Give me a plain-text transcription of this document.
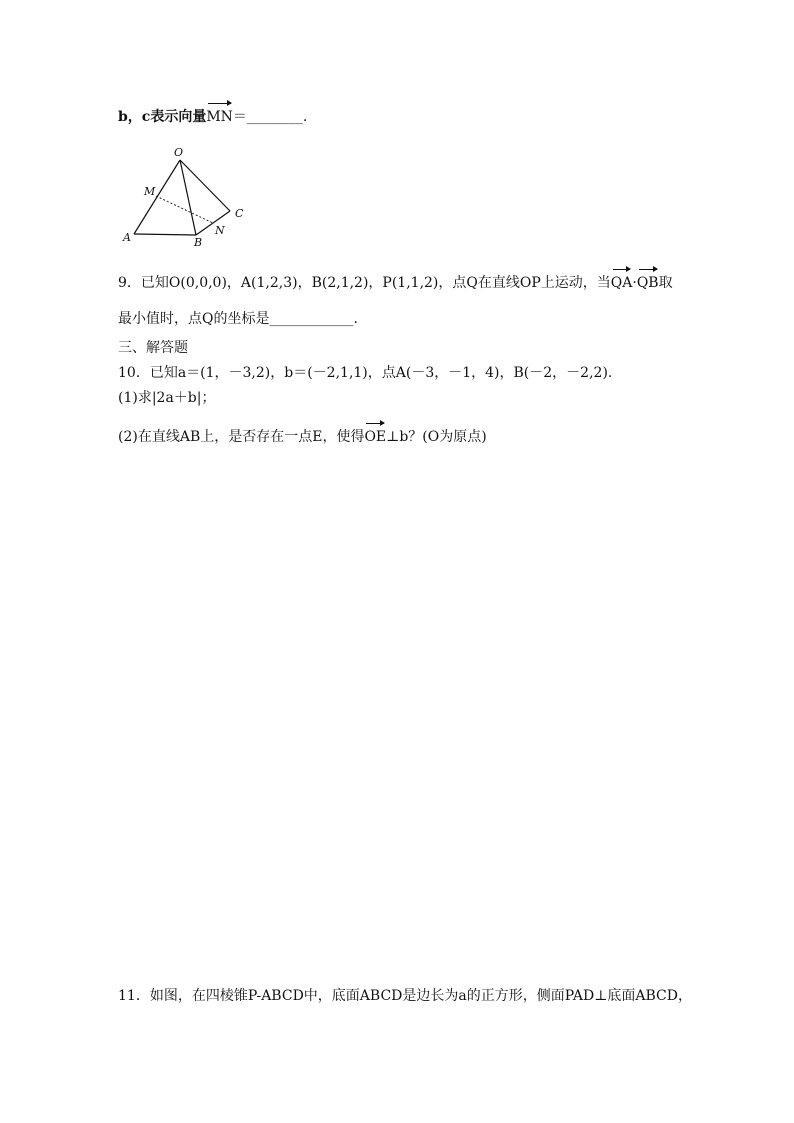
b，c表示向量MN＝________.
O
M
C
A	B
N
9．已知O(0,0,0)，A(1,2,3)，B(2,1,2)，P(1,1,2)，点Q在直线OP上运动，当QA·QB取
最小值时，点Q的坐标是____________.
三、解答题
10．已知a＝(1，－3,2)，b＝(－2,1,1)，点A(－3，－1，4)，B(－2，－2,2).
(1)求|2a＋b|；
(2)在直线AB上，是否存在一点E，使得OE⊥b？(O为原点)
11．如图，在四棱锥P-ABCD中，底面ABCD是边长为a的正方形，侧面PAD⊥底面ABCD，
